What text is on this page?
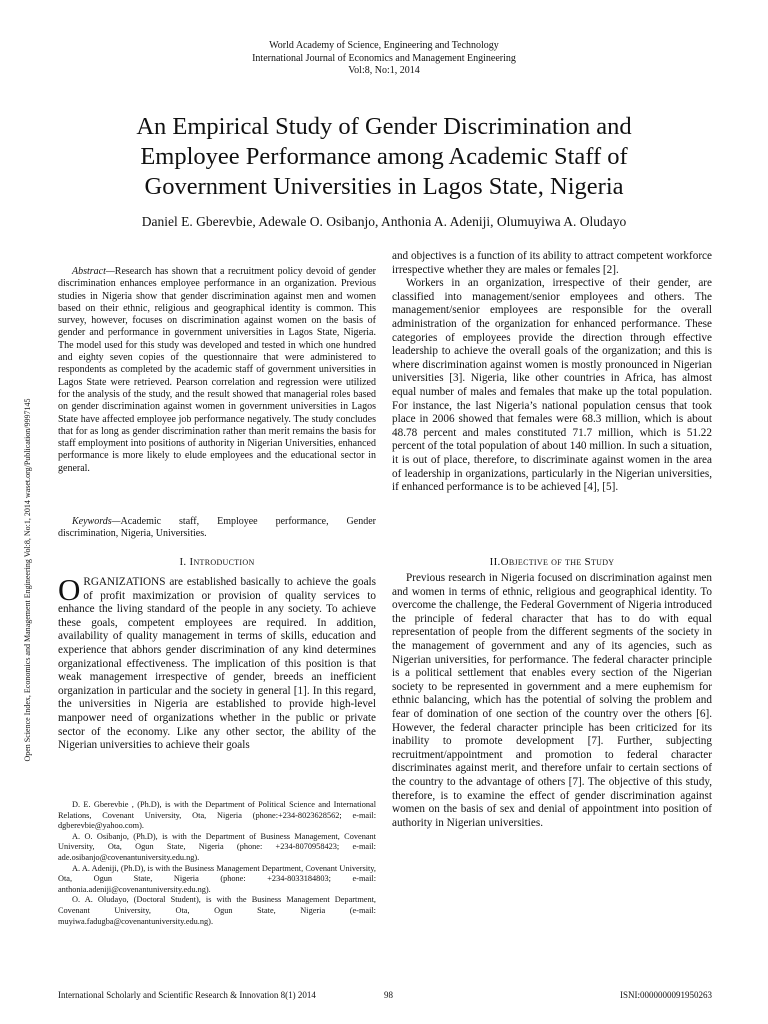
World Academy of Science, Engineering and Technology
International Journal of Economics and Management Engineering
Vol:8, No:1, 2014
An Empirical Study of Gender Discrimination and
Employee Performance among Academic Staff of
Government Universities in Lagos State, Nigeria
Daniel E. Gberevbie, Adewale O. Osibanjo, Anthonia A. Adeniji, Olumuyiwa A. Oludayo
Open Science Index, Economics and Management Engineering Vol:8, No:1, 2014 waset.org/Publication/9997145

Abstract—Research has shown that a recruitment policy devoid of gender discrimination enhances employee performance in an organization. Previous studies in Nigeria show that gender discrimination against men and women based on their ethnic, religious and geographical identity is common. This survey, however, focuses on discrimination against women on the basis of gender and performance in government universities in Lagos State, Nigeria. The model used for this study was developed and tested in which one hundred and eighty seven copies of the questionnaire that were administered to respondents as completed by the academic staff of government universities in Lagos State were retrieved. Pearson correlation and regression were utilized for the analysis of the study, and the result showed that managerial roles based on gender discrimination against women in government universities in Lagos State have affected employee job performance negatively. The study concludes that for as long as gender discrimination rather than merit remains the basis for staff employment into positions of authority in Nigerian Universities, enhanced performance is more likely to elude employees and the educational sector in general.

Keywords—Academic staff, Employee performance, Gender discrimination, Nigeria, Universities.

I. Introduction

ORGANIZATIONS are established basically to achieve the goals of profit maximization or provision of quality services to enhance the living standard of the people in any society. To achieve these goals, competent employees are required. In addition, availability of quality management in terms of skills, education and experience that abhors gender discrimination of any kind determines organizational effectiveness. The implication of this position is that weak management irrespective of gender, breeds an inefficient organization in particular and the society in general [1]. In this regard, the universities in Nigeria are established to provide high-level manpower need of organizations whether in the public or private sector of the economy. Like any other sector, the ability of the Nigerian universities to achieve their goals

D. E. Gberevbie , (Ph.D), is with the Department of Political Science and International Relations, Covenant University, Ota, Nigeria (phone:+234-8023628562; e-mail: dgberevbie@yahoo.com).

A. O. Osibanjo, (Ph.D), is with the Department of Business Management, Covenant University, Ota, Ogun State, Nigeria (phone: +234-8070958423; e-mail: ade.osibanjo@covenantuniversity.edu.ng).

A. A. Adeniji, (Ph.D), is with the Business Management Department, Covenant University, Ota, Ogun State, Nigeria (phone: +234-8033184803; e-mail: anthonia.adeniji@covenantuniversity.edu.ng).

O. A. Oludayo, (Doctoral Student), is with the Business Management Department, Covenant University, Ota, Ogun State, Nigeria (e-mail: muyiwa.fadugba@covenantuniversity.edu.ng).

and objectives is a function of its ability to attract competent workforce irrespective whether they are males or females [2].

Workers in an organization, irrespective of their gender, are classified into management/senior employees and others. The management/senior employees are responsible for the overall administration of the organization for enhanced performance. These categories of employees provide the direction through effective leadership to achieve the overall goals of the organization; and this is where discrimination against women is mostly pronounced in Nigerian universities [3]. Nigeria, like other countries in Africa, has almost equal number of males and females that make up the total population. For instance, the last Nigeria’s national population census that took place in 2006 showed that females were 68.3 million, which is about 48.78 percent and males constituted 71.7 million, which is 51.22 percent of the total population of about 140 million. In such a situation, it is out of place, therefore, to discriminate against women in the area of leadership in organizations, particularly in the Nigerian universities, if enhanced performance is to be achieved [4], [5].

II.Objective of the Study

Previous research in Nigeria focused on discrimination against men and women in terms of ethnic, religious and geographical identity. To overcome the challenge, the Federal Government of Nigeria introduced the principle of federal character that has to do with equal representation of people from the different segments of the society in the management of government and any of its agencies, such as Nigerian universities, for performance. The federal character principle is a political settlement that enables every section of the Nigerian society to be represented in government and a mere euphemism for ethnic balancing, which has the potential of solving the problem and fear of domination of one section of the country over the others [6]. However, the federal character principle has been criticized for its inability to promote development [7]. Further, subjecting recruitment/appointment and promotion to federal character discriminates against merit, and therefore unfair to certain sections of the country to the advantage of others [7]. The objective of this study, therefore, is to examine the effect of gender discrimination against women on the basis of sex and denial of appointment into position of authority in Nigerian universities.

International Scholarly and Scientific Research & Innovation 8(1) 2014	98	ISNI:0000000091950263
